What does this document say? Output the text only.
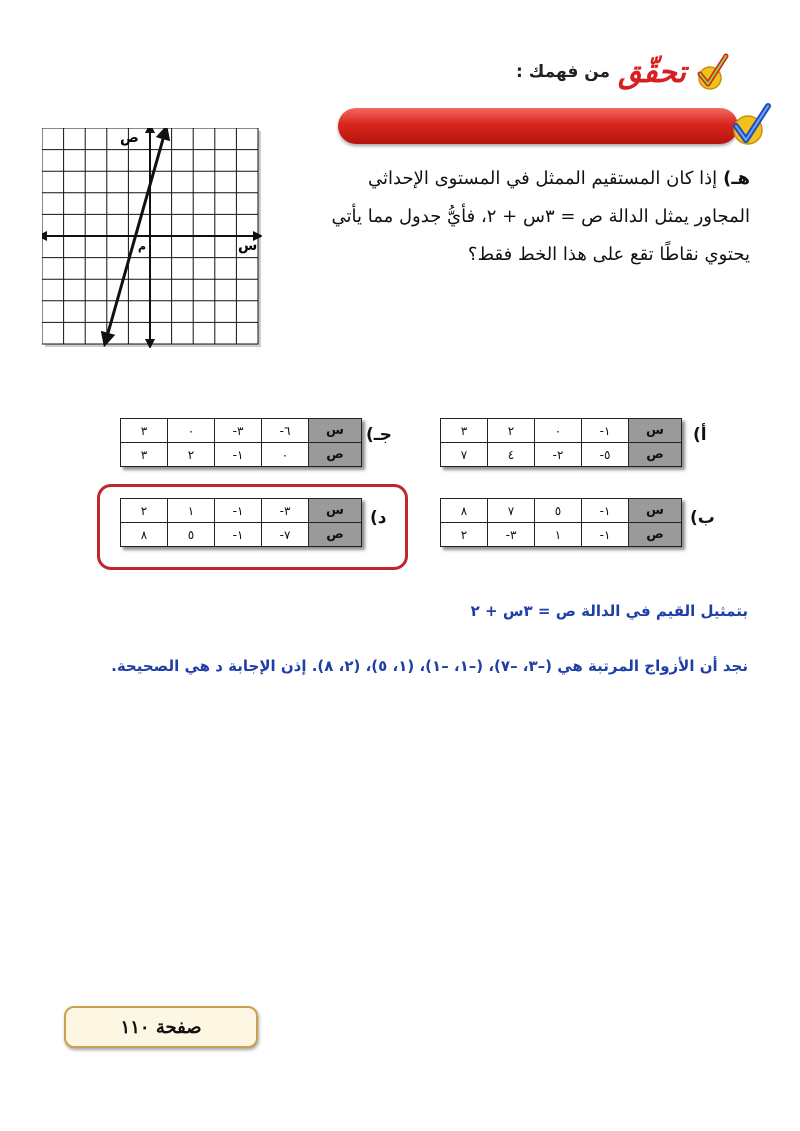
تحقّق
من فهمك :
تأكّد
هـ)إذا كان المستقيم الممثل في المستوى الإحداثي المجاور يمثل الدالة ص = ٣س + ٢، فأيُّ جدول مما يأتي يحتوي نقاطًا تقع على هذا الخط فقط؟
س
ص
م
جـ)
س	٦-	٣-	٠	٣
ص	٠	١-	٢	٣
أ)
س	١-	٠	٢	٣
ص	٥-	٢-	٤	٧
د)
س	٣-	١-	١	٢
ص	٧-	١-	٥	٨
ب)
س	١-	٥	٧	٨
ص	١-	١	٣-	٢
بتمثيل القيم في الدالة ص = ٣س + ٢
نجد أن الأزواج المرتبة هي (–٣، –٧)، (–١، –١)، (١، ٥)، (٢، ٨). إذن الإجابة د هي الصحيحة.
صفحة ١١٠
